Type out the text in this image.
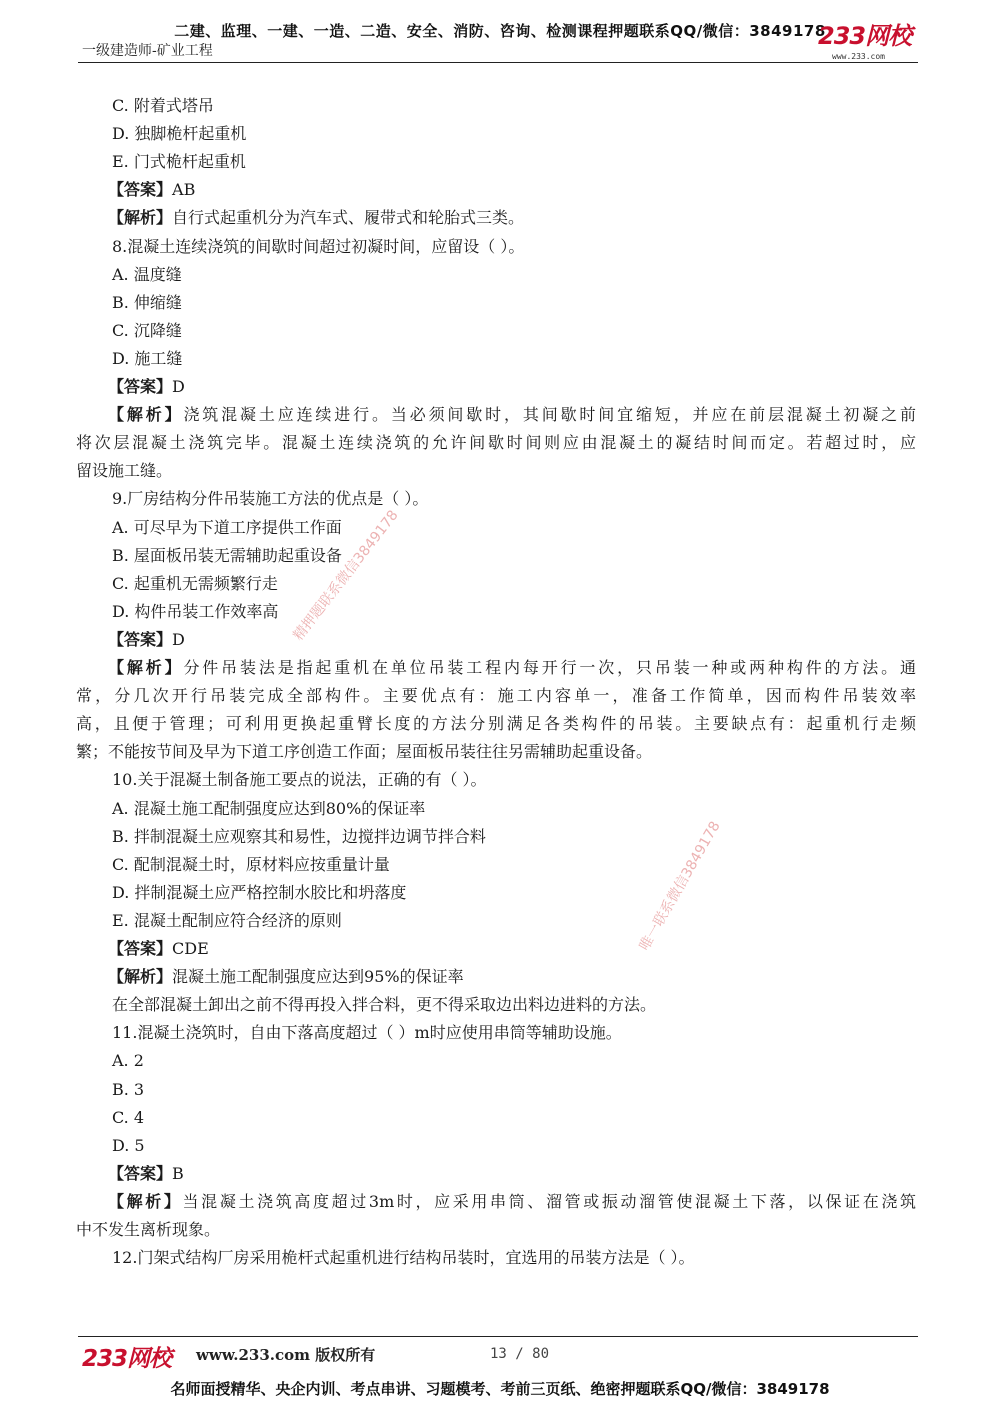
二建、监理、一建、一造、二造、安全、消防、咨询、检测课程押题联系QQ/微信：3849178
一级建造师-矿业工程
233网校
www.233.com
C. 附着式塔吊
D. 独脚桅杆起重机
E. 门式桅杆起重机
【答案】AB
【解析】自行式起重机分为汽车式、履带式和轮胎式三类。
8.混凝土连续浇筑的间歇时间超过初凝时间，应留设（ ）。
A. 温度缝
B. 伸缩缝
C. 沉降缝
D. 施工缝
【答案】D
【解析】浇筑混凝土应连续进行。当必须间歇时，其间歇时间宜缩短，并应在前层混凝土初凝之前
将次层混凝土浇筑完毕。混凝土连续浇筑的允许间歇时间则应由混凝土的凝结时间而定。若超过时，应
留设施工缝。
9.厂房结构分件吊装施工方法的优点是（ ）。
A. 可尽早为下道工序提供工作面
B. 屋面板吊装无需辅助起重设备
C. 起重机无需频繁行走
D. 构件吊装工作效率高
【答案】D
【解析】分件吊装法是指起重机在单位吊装工程内每开行一次，只吊装一种或两种构件的方法。通
常，分几次开行吊装完成全部构件。主要优点有：施工内容单一，准备工作简单，因而构件吊装效率
高，且便于管理；可利用更换起重臂长度的方法分别满足各类构件的吊装。主要缺点有：起重机行走频
繁；不能按节间及早为下道工序创造工作面；屋面板吊装往往另需辅助起重设备。
10.关于混凝土制备施工要点的说法，正确的有（ ）。
A. 混凝土施工配制强度应达到80%的保证率
B. 拌制混凝土应观察其和易性，边搅拌边调节拌合料
C. 配制混凝土时，原材料应按重量计量
D. 拌制混凝土应严格控制水胶比和坍落度
E. 混凝土配制应符合经济的原则
【答案】CDE
【解析】混凝土施工配制强度应达到95%的保证率
在全部混凝土卸出之前不得再投入拌合料，更不得采取边出料边进料的方法。
11.混凝土浇筑时，自由下落高度超过（ ）m时应使用串筒等辅助设施。
A. 2
B. 3
C. 4
D. 5
【答案】B
【解析】当混凝土浇筑高度超过3m时，应采用串筒、溜管或振动溜管使混凝土下落，以保证在浇筑
中不发生离析现象。
12.门架式结构厂房采用桅杆式起重机进行结构吊装时，宜选用的吊装方法是（ ）。
精押题联系微信3849178
唯一联系微信3849178
233网校 www.233.com 版权所有	13 / 80
名师面授精华、央企内训、考点串讲、习题模考、考前三页纸、绝密押题联系QQ/微信：3849178
